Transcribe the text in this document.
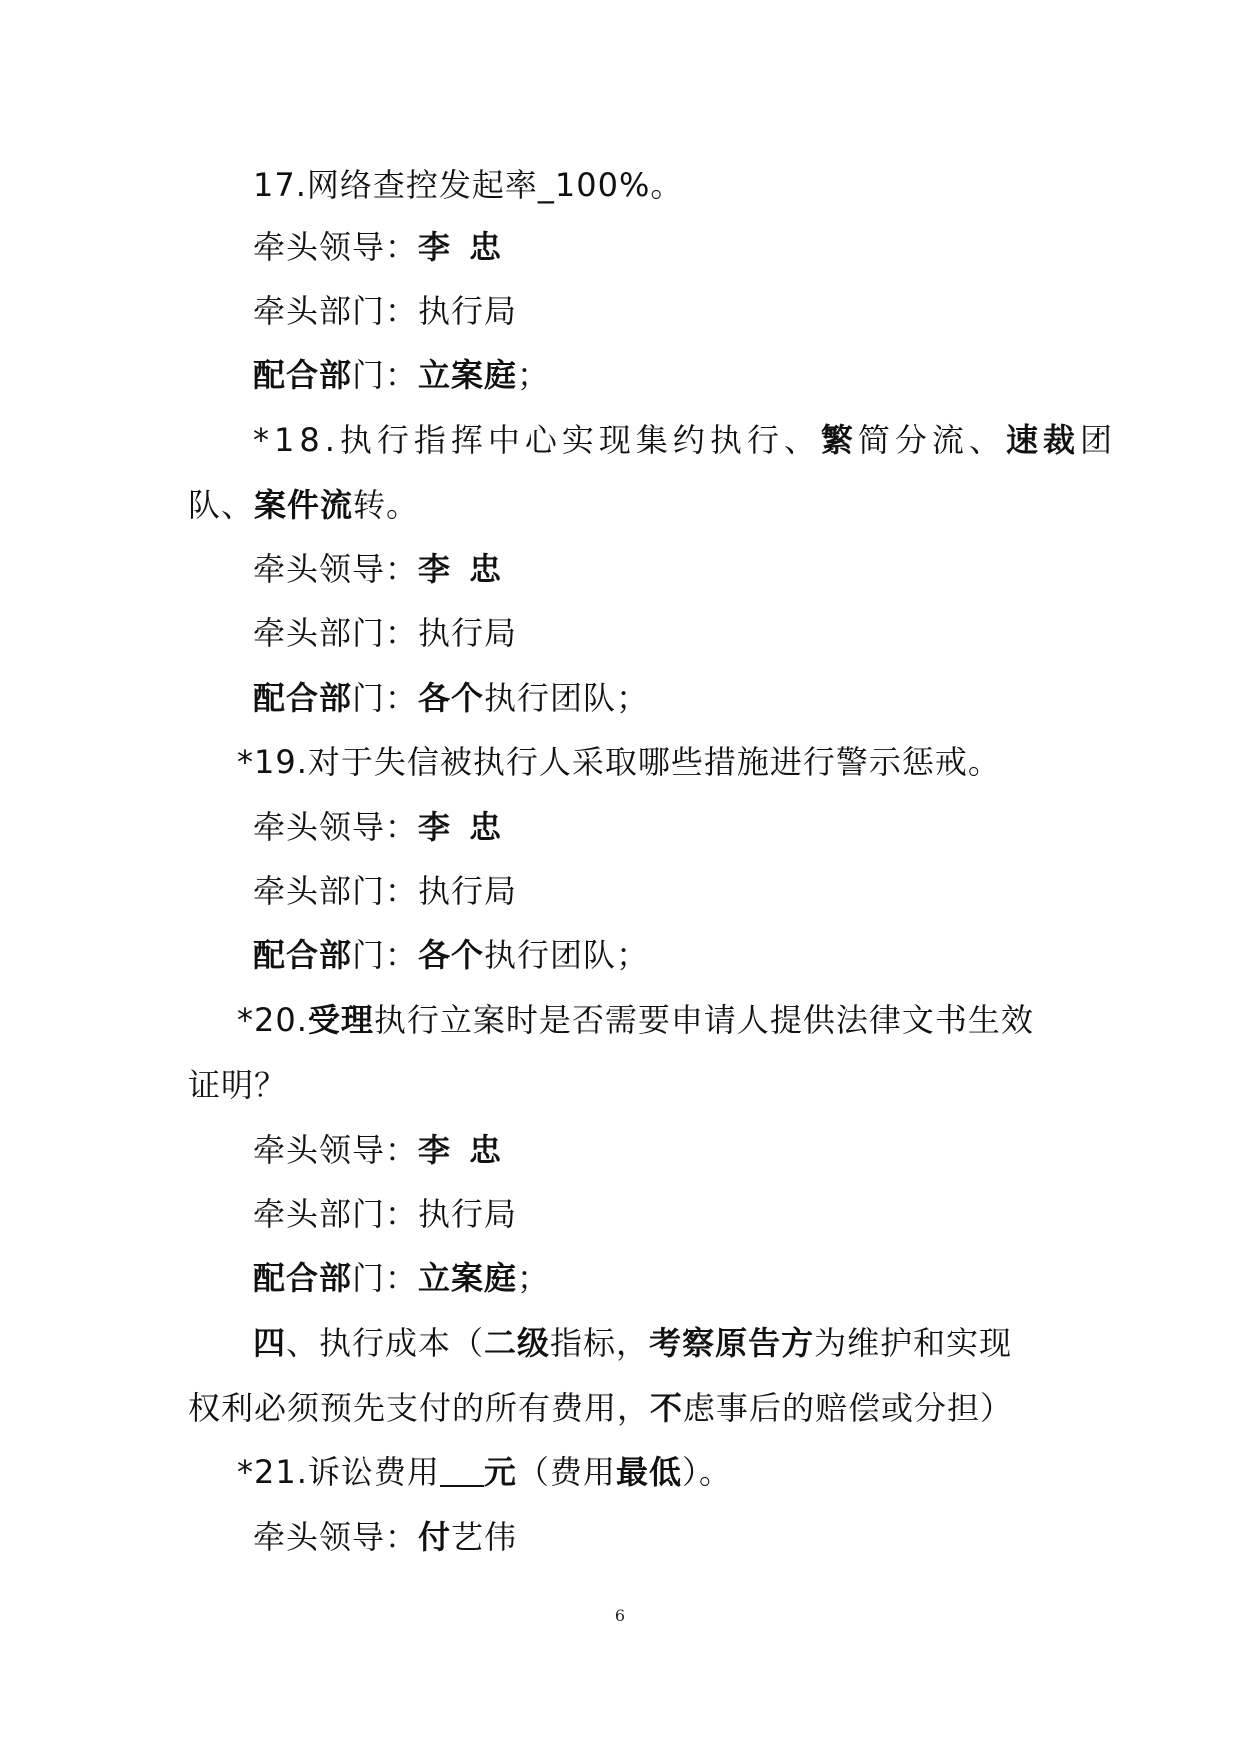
17.网络查控发起率_100%。
牵头领导：李 忠
牵头部门：执行局
配合部门：立案庭；
*18.执行指挥中心实现集约执行、繁简分流、速裁团
队、案件流转。
牵头领导：李 忠
牵头部门：执行局
配合部门：各个执行团队；
*19.对于失信被执行人采取哪些措施进行警示惩戒。
牵头领导：李 忠
牵头部门：执行局
配合部门：各个执行团队；
*20.受理执行立案时是否需要申请人提供法律文书生效
证明？
牵头领导：李 忠
牵头部门：执行局
配合部门：立案庭；
四、执行成本（二级指标，考察原告方为维护和实现
权利必须预先支付的所有费用，不虑事后的赔偿或分担）
*21.诉讼费用 元（费用最低）。
牵头领导：付艺伟
6
